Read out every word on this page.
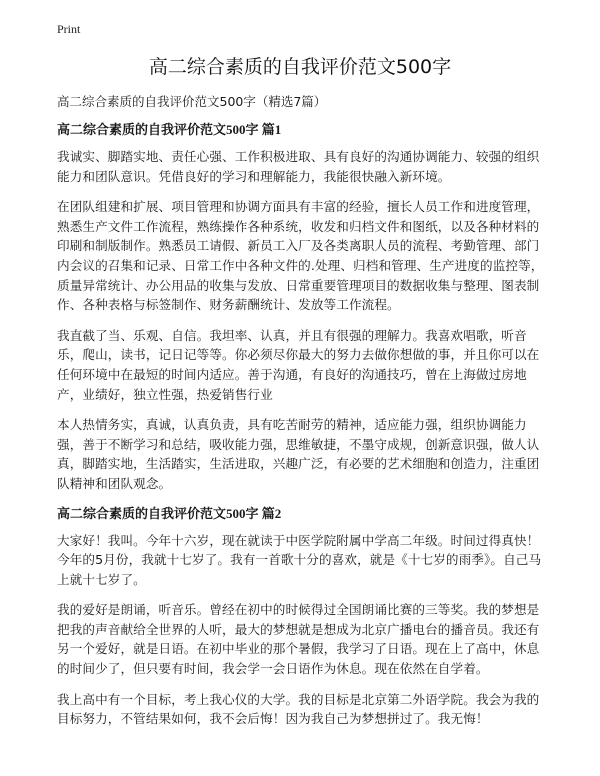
Print
高二综合素质的自我评价范文500字

高二综合素质的自我评价范文500字（精选7篇）

高二综合素质的自我评价范文500字 篇1

我诚实、脚踏实地、责任心强、工作积极进取、具有良好的沟通协调能力、较强的组织能力和团队意识。凭借良好的学习和理解能力，我能很快融入新环境。

在团队组建和扩展、项目管理和协调方面具有丰富的经验，擅长人员工作和进度管理，熟悉生产文件工作流程，熟练操作各种系统，收发和归档文件和图纸，以及各种材料的印刷和制版制作。熟悉员工请假、新员工入厂及各类离职人员的流程、考勤管理、部门内会议的召集和记录、日常工作中各种文件的.处理、归档和管理、生产进度的监控等，质量异常统计、办公用品的收集与发放、日常重要管理项目的数据收集与整理、图表制作、各种表格与标签制作、财务薪酬统计、发放等工作流程。

我直截了当、乐观、自信。我坦率、认真，并且有很强的理解力。我喜欢唱歌，听音乐，爬山，读书，记日记等等。你必须尽你最大的努力去做你想做的事，并且你可以在任何环境中在最短的时间内适应。善于沟通，有良好的沟通技巧，曾在上海做过房地产，业绩好，独立性强，热爱销售行业

本人热情务实，真诚，认真负责，具有吃苦耐劳的精神，适应能力强，组织协调能力强，善于不断学习和总结，吸收能力强，思维敏捷，不墨守成规，创新意识强，做人认真，脚踏实地，生活踏实，生活进取，兴趣广泛，有必要的艺术细胞和创造力，注重团队精神和团队观念。

高二综合素质的自我评价范文500字 篇2

大家好！我叫。今年十六岁，现在就读于中医学院附属中学高二年级。时间过得真快！今年的5月份，我就十七岁了。我有一首歌十分的喜欢，就是《十七岁的雨季》。自己马上就十七岁了。

我的爱好是朗诵，听音乐。曾经在初中的时候得过全国朗诵比赛的三等奖。我的梦想是把我的声音献给全世界的人听，最大的梦想就是想成为北京广播电台的播音员。我还有另一个爱好，就是日语。在初中毕业的那个暑假，我学习了日语。现在上了高中，休息的时间少了，但只要有时间，我会学一会日语作为休息。现在依然在自学着。

我上高中有一个目标，考上我心仪的大学。我的目标是北京第二外语学院。我会为我的目标努力，不管结果如何，我不会后悔！因为我自己为梦想拼过了。我无悔！
